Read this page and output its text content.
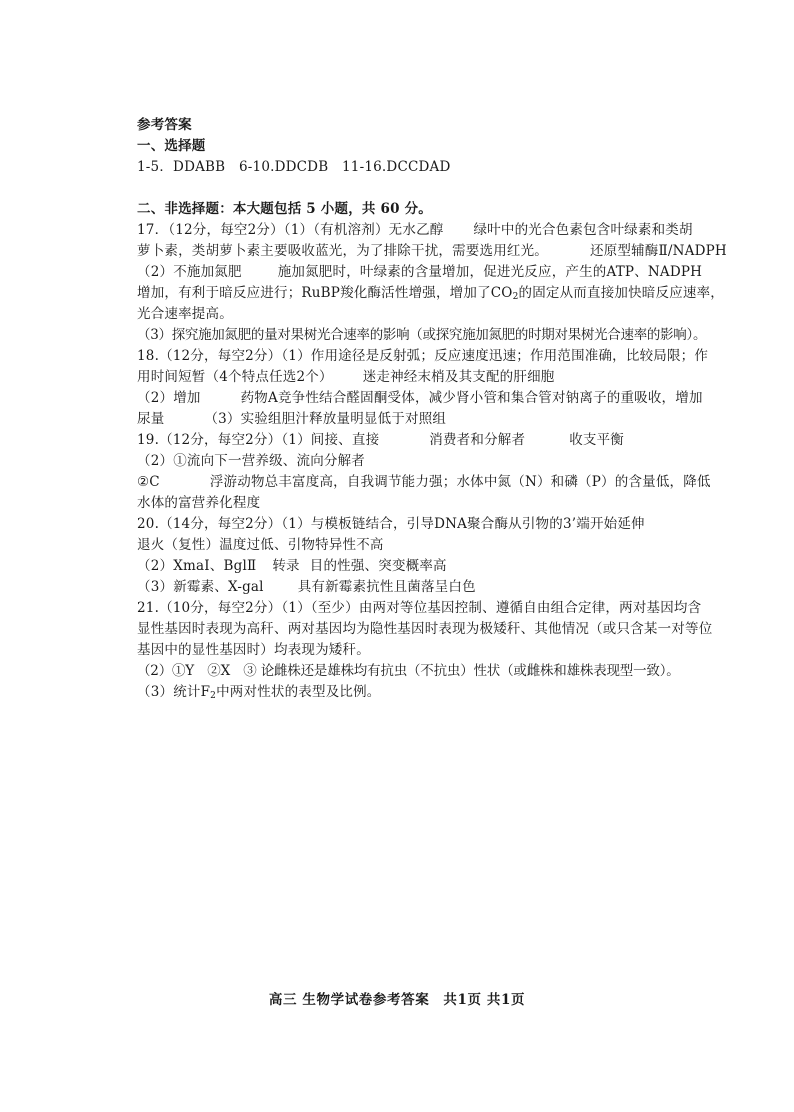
参考答案
一、选择题
1-5．DDABB　6-10.DDCDB　11-16.DCCDAD
二、非选择题：本大题包括 5 小题，共 60 分。
17．（12分，每空2分）（1）（有机溶剂）无水乙醇 绿叶中的光合色素包含叶绿素和类胡
萝卜素，类胡萝卜素主要吸收蓝光，为了排除干扰，需要选用红光。	还原型辅酶Ⅱ/NADPH
（2）不施加氮肥	施加氮肥时，叶绿素的含量增加，促进光反应，产生的ATP、NADPH
增加，有利于暗反应进行；RuBP羧化酶活性增强，增加了$CO_2$的固定从而直接加快暗反应速率，
光合速率提高。
（3）探究施加氮肥的量对果树光合速率的影响（或探究施加氮肥的时期对果树光合速率的影响）。
18.（12分，每空2分）（1）作用途径是反射弧；反应速度迅速；作用范围准确，比较局限；作
用时间短暂（4个特点任选2个） 迷走神经末梢及其支配的肝细胞
（2）增加	药物A竞争性结合醛固酮受体，减少肾小管和集合管对钠离子的重吸收，增加
尿量	（3）实验组胆汁释放量明显低于对照组
19.（12分，每空2分）（1）间接、直接	消费者和分解者	收支平衡
（2）①流向下一营养级、流向分解者
②C	浮游动物总丰富度高，自我调节能力强；水体中氮（N）和磷（P）的含量低，降低
水体的富营养化程度
20.（14分，每空2分）（1）与模板链结合，引导DNA聚合酶从引物的3’端开始延伸
退火（复性）温度过低、引物特异性不高
（2）XmaⅠ、BglⅡ 转录 目的性强、突变概率高
（3）新霉素、X-gal	具有新霉素抗性且菌落呈白色
21.（10分，每空2分）（1）（至少）由两对等位基因控制、遵循自由组合定律，两对基因均含
显性基因时表现为高秆、两对基因均为隐性基因时表现为极矮秆、其他情况（或只含某一对等位
基因中的显性基因时）均表现为矮秆。
（2）①Y　②X　③ 论雌株还是雄株均有抗虫（不抗虫）性状（或雌株和雄株表现型一致）。
（3）统计$F_2$中两对性状的表型及比例。
高三 生物学试卷参考答案　共1页 共1页
